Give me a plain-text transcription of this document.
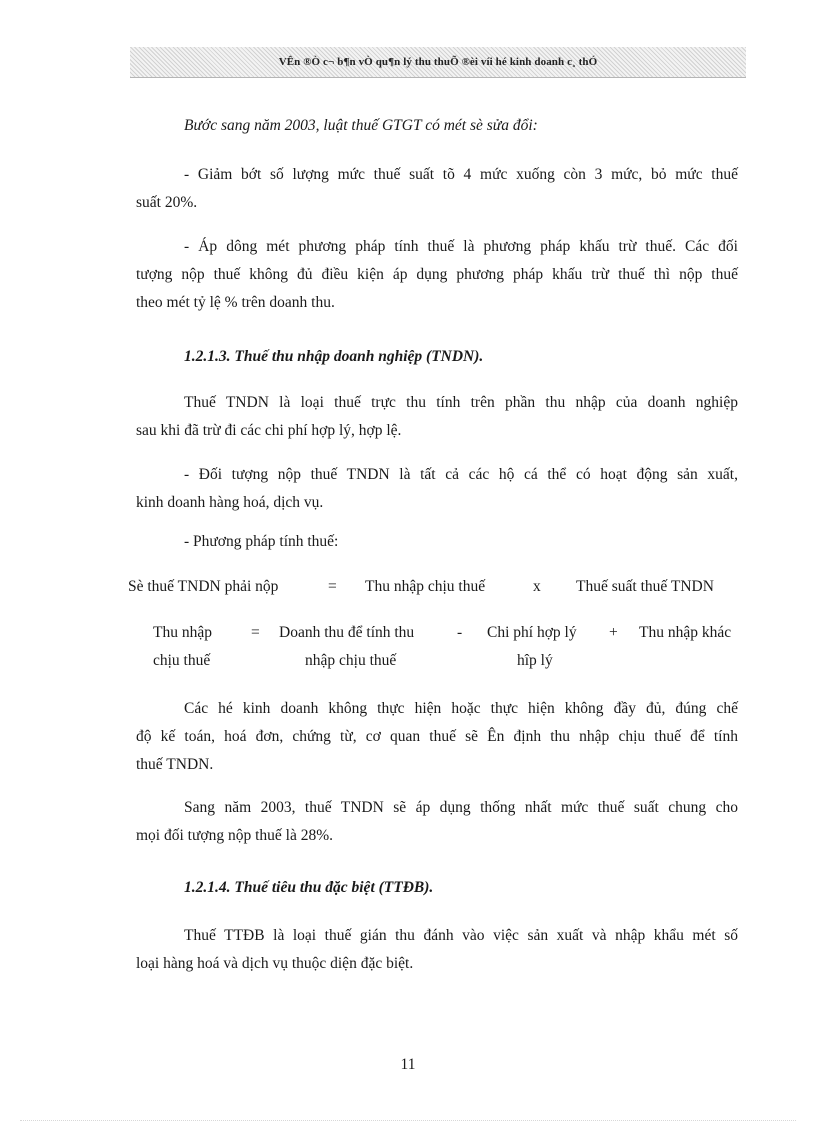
VÊn ®Ò c¬ b¶n vÒ qu¶n lý thu thuÕ ®èi víi hé kinh doanh c¸ thÓ

Bước sang năm 2003, luật thuế GTGT có mét sè sửa đổi:

- Giảm bớt số lượng mức thuế suất tõ 4 mức xuống còn 3 mức, bỏ mức thuế
suất 20%.
- Áp dông mét phương pháp tính thuế là phương pháp khấu trừ thuế. Các đối
tượng nộp thuế không đủ điều kiện áp dụng phương pháp khấu trừ thuế thì nộp thuế
theo mét tỷ lệ % trên doanh thu.

1.2.1.3. Thuế thu nhập doanh nghiệp (TNDN).

Thuế TNDN là loại thuế trực thu tính trên phần thu nhập của doanh nghiệp
sau khi đã trừ đi các chi phí hợp lý, hợp lệ.
- Đối tượng nộp thuế TNDN là tất cả các hộ cá thể có hoạt động sản xuất,
kinh doanh hàng hoá, dịch vụ.

- Phương pháp tính thuế:

Sè thuế TNDN phải nộp	= Thu nhập chịu thuế	x Thuế suất thuế TNDN
Thu nhập
chịu thuế
= Doanh thu để tính thu
nhập chịu thuế
- Chi phí hợp lý
hîp lý
+ Thu nhập khác
Các hé kinh doanh không thực hiện hoặc thực hiện không đầy đủ, đúng chế
độ kế toán, hoá đơn, chứng từ, cơ quan thuế sẽ Ên định thu nhập chịu thuế để tính
thuế TNDN.
Sang năm 2003, thuế TNDN sẽ áp dụng thống nhất mức thuế suất chung cho
mọi đối tượng nộp thuế là 28%.

1.2.1.4. Thuế tiêu thu đặc biệt (TTĐB).

Thuế TTĐB là loại thuế gián thu đánh vào việc sản xuất và nhập khẩu mét số
loại hàng hoá và dịch vụ thuộc diện đặc biệt.
11
